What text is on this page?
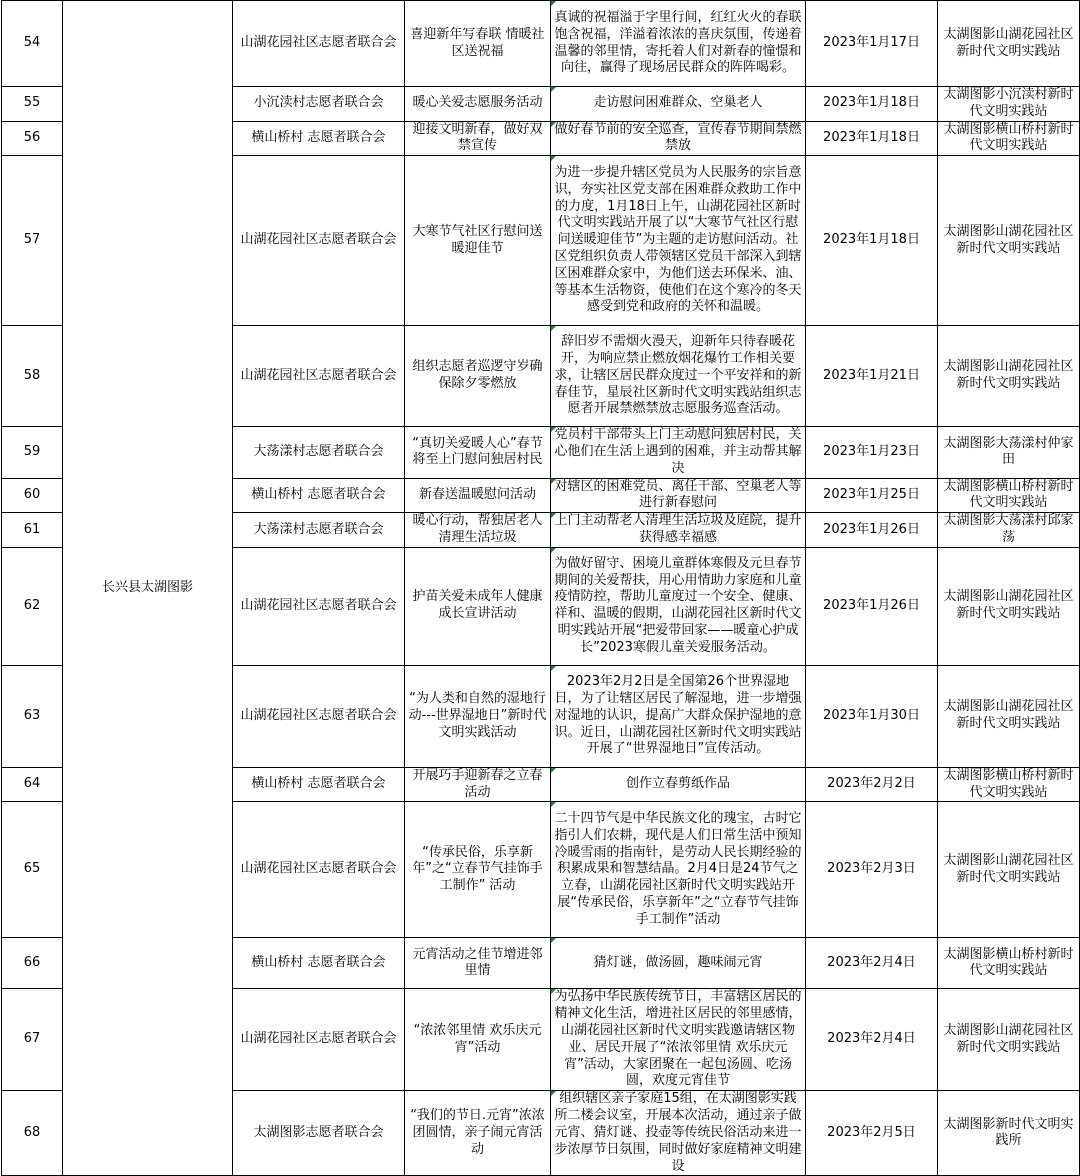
54	长兴县太湖图影	山湖花园社区志愿者联合会	喜迎新年写春联 情暖社区送祝福	真诚的祝福溢于字里行间，红红火火的春联饱含祝福，洋溢着浓浓的喜庆氛围，传递着温馨的邻里情，寄托着人们对新春的憧憬和向往，赢得了现场居民群众的阵阵喝彩。	2023年1月17日	太湖图影山湖花园社区新时代文明实践站
55		小沉渎村志愿者联合会	暖心关爱志愿服务活动	走访慰问困难群众、空巢老人	2023年1月18日	太湖图影小沉渎村新时代文明实践站
56		横山桥村 志愿者联合会	迎接文明新春，做好双禁宣传	做好春节前的安全巡查，宣传春节期间禁燃禁放	2023年1月18日	太湖图影横山桥村新时代文明实践站
57		山湖花园社区志愿者联合会	大寒节气社区行慰问送暖迎佳节	为进一步提升辖区党员为人民服务的宗旨意识，夯实社区党支部在困难群众救助工作中的力度，1月18日上午，山湖花园社区新时代文明实践站开展了以“大寒节气社区行慰问送暖迎佳节”为主题的走访慰问活动。社区党组织负责人带领辖区党员干部深入到辖区困难群众家中，为他们送去环保米、油、等基本生活物资，使他们在这个寒冷的冬天感受到党和政府的关怀和温暖。	2023年1月18日	太湖图影山湖花园社区新时代文明实践站
58		山湖花园社区志愿者联合会	组织志愿者巡逻守岁确保除夕零燃放	辞旧岁不需烟火漫天，迎新年只待春暖花开，为响应禁止燃放烟花爆竹工作相关要求，让辖区居民群众度过一个平安祥和的新春佳节，星辰社区新时代文明实践站组织志愿者开展禁燃禁放志愿服务巡查活动。	2023年1月21日	太湖图影山湖花园社区新时代文明实践站
59		大荡漾村志愿者联合会	“真切关爱暖人心”春节将至上门慰问独居村民	党员村干部带头上门主动慰问独居村民，关心他们在生活上遇到的困难，并主动帮其解决	2023年1月23日	太湖图影大荡漾村仲家田
60		横山桥村 志愿者联合会	新春送温暖慰问活动	对辖区的困难党员、离任干部、空巢老人等进行新春慰问	2023年1月25日	太湖图影横山桥村新时代文明实践站
61		大荡漾村志愿者联合会	暖心行动，帮独居老人清理生活垃圾	上门主动帮老人清理生活垃圾及庭院，提升获得感幸福感	2023年1月26日	太湖图影大荡漾村邱家荡
62		山湖花园社区志愿者联合会	护苗关爱未成年人健康成长宣讲活动	为做好留守、困境儿童群体寒假及元旦春节期间的关爱帮扶，用心用情助力家庭和儿童疫情防控，帮助儿童度过一个安全、健康、祥和、温暖的假期，山湖花园社区新时代文明实践站开展“把爱带回家——暖童心护成长”2023寒假儿童关爱服务活动。	2023年1月26日	太湖图影山湖花园社区新时代文明实践站
63		山湖花园社区志愿者联合会	“为人类和自然的湿地行动---世界湿地日”新时代文明实践活动	2023年2月2日是全国第26个世界湿地日，为了让辖区居民了解湿地，进一步增强对湿地的认识，提高广大群众保护湿地的意识。近日，山湖花园社区新时代文明实践站开展了“世界湿地日”宣传活动。	2023年1月30日	太湖图影山湖花园社区新时代文明实践站
64		横山桥村 志愿者联合会	开展巧手迎新春之立春活动	创作立春剪纸作品	2023年2月2日	太湖图影横山桥村新时代文明实践站
65		山湖花园社区志愿者联合会	“传承民俗，乐享新年”之“立春节气挂饰手工制作” 活动	二十四节气是中华民族文化的瑰宝，古时它指引人们农耕，现代是人们日常生活中预知冷暖雪雨的指南针，是劳动人民长期经验的积累成果和智慧结晶。2月4日是24节气之立春，山湖花园社区新时代文明实践站开展“传承民俗，乐享新年”之“立春节气挂饰手工制作”活动	2023年2月3日	太湖图影山湖花园社区新时代文明实践站
66		横山桥村 志愿者联合会	元宵活动之佳节增进邻里情	猜灯谜，做汤圆，趣味闹元宵	2023年2月4日	太湖图影横山桥村新时代文明实践站
67		山湖花园社区志愿者联合会	“浓浓邻里情 欢乐庆元宵”活动	为弘扬中华民族传统节日，丰富辖区居民的精神文化生活，增进社区居民的邻里感情，山湖花园社区新时代文明实践邀请辖区物业、居民开展了“浓浓邻里情 欢乐庆元宵”活动，大家团聚在一起包汤圆、吃汤圆，欢度元宵佳节	2023年2月4日	太湖图影山湖花园社区新时代文明实践站
68		太湖图影志愿者联合会	“我们的节日.元宵”浓浓团圆情，亲子闹元宵活动	组织辖区亲子家庭15组，在太湖图影实践所二楼会议室，开展本次活动，通过亲子做元宵、猜灯谜、投壶等传统民俗活动来进一步浓厚节日氛围，同时做好家庭精神文明建设	2023年2月5日	太湖图影新时代文明实践所
